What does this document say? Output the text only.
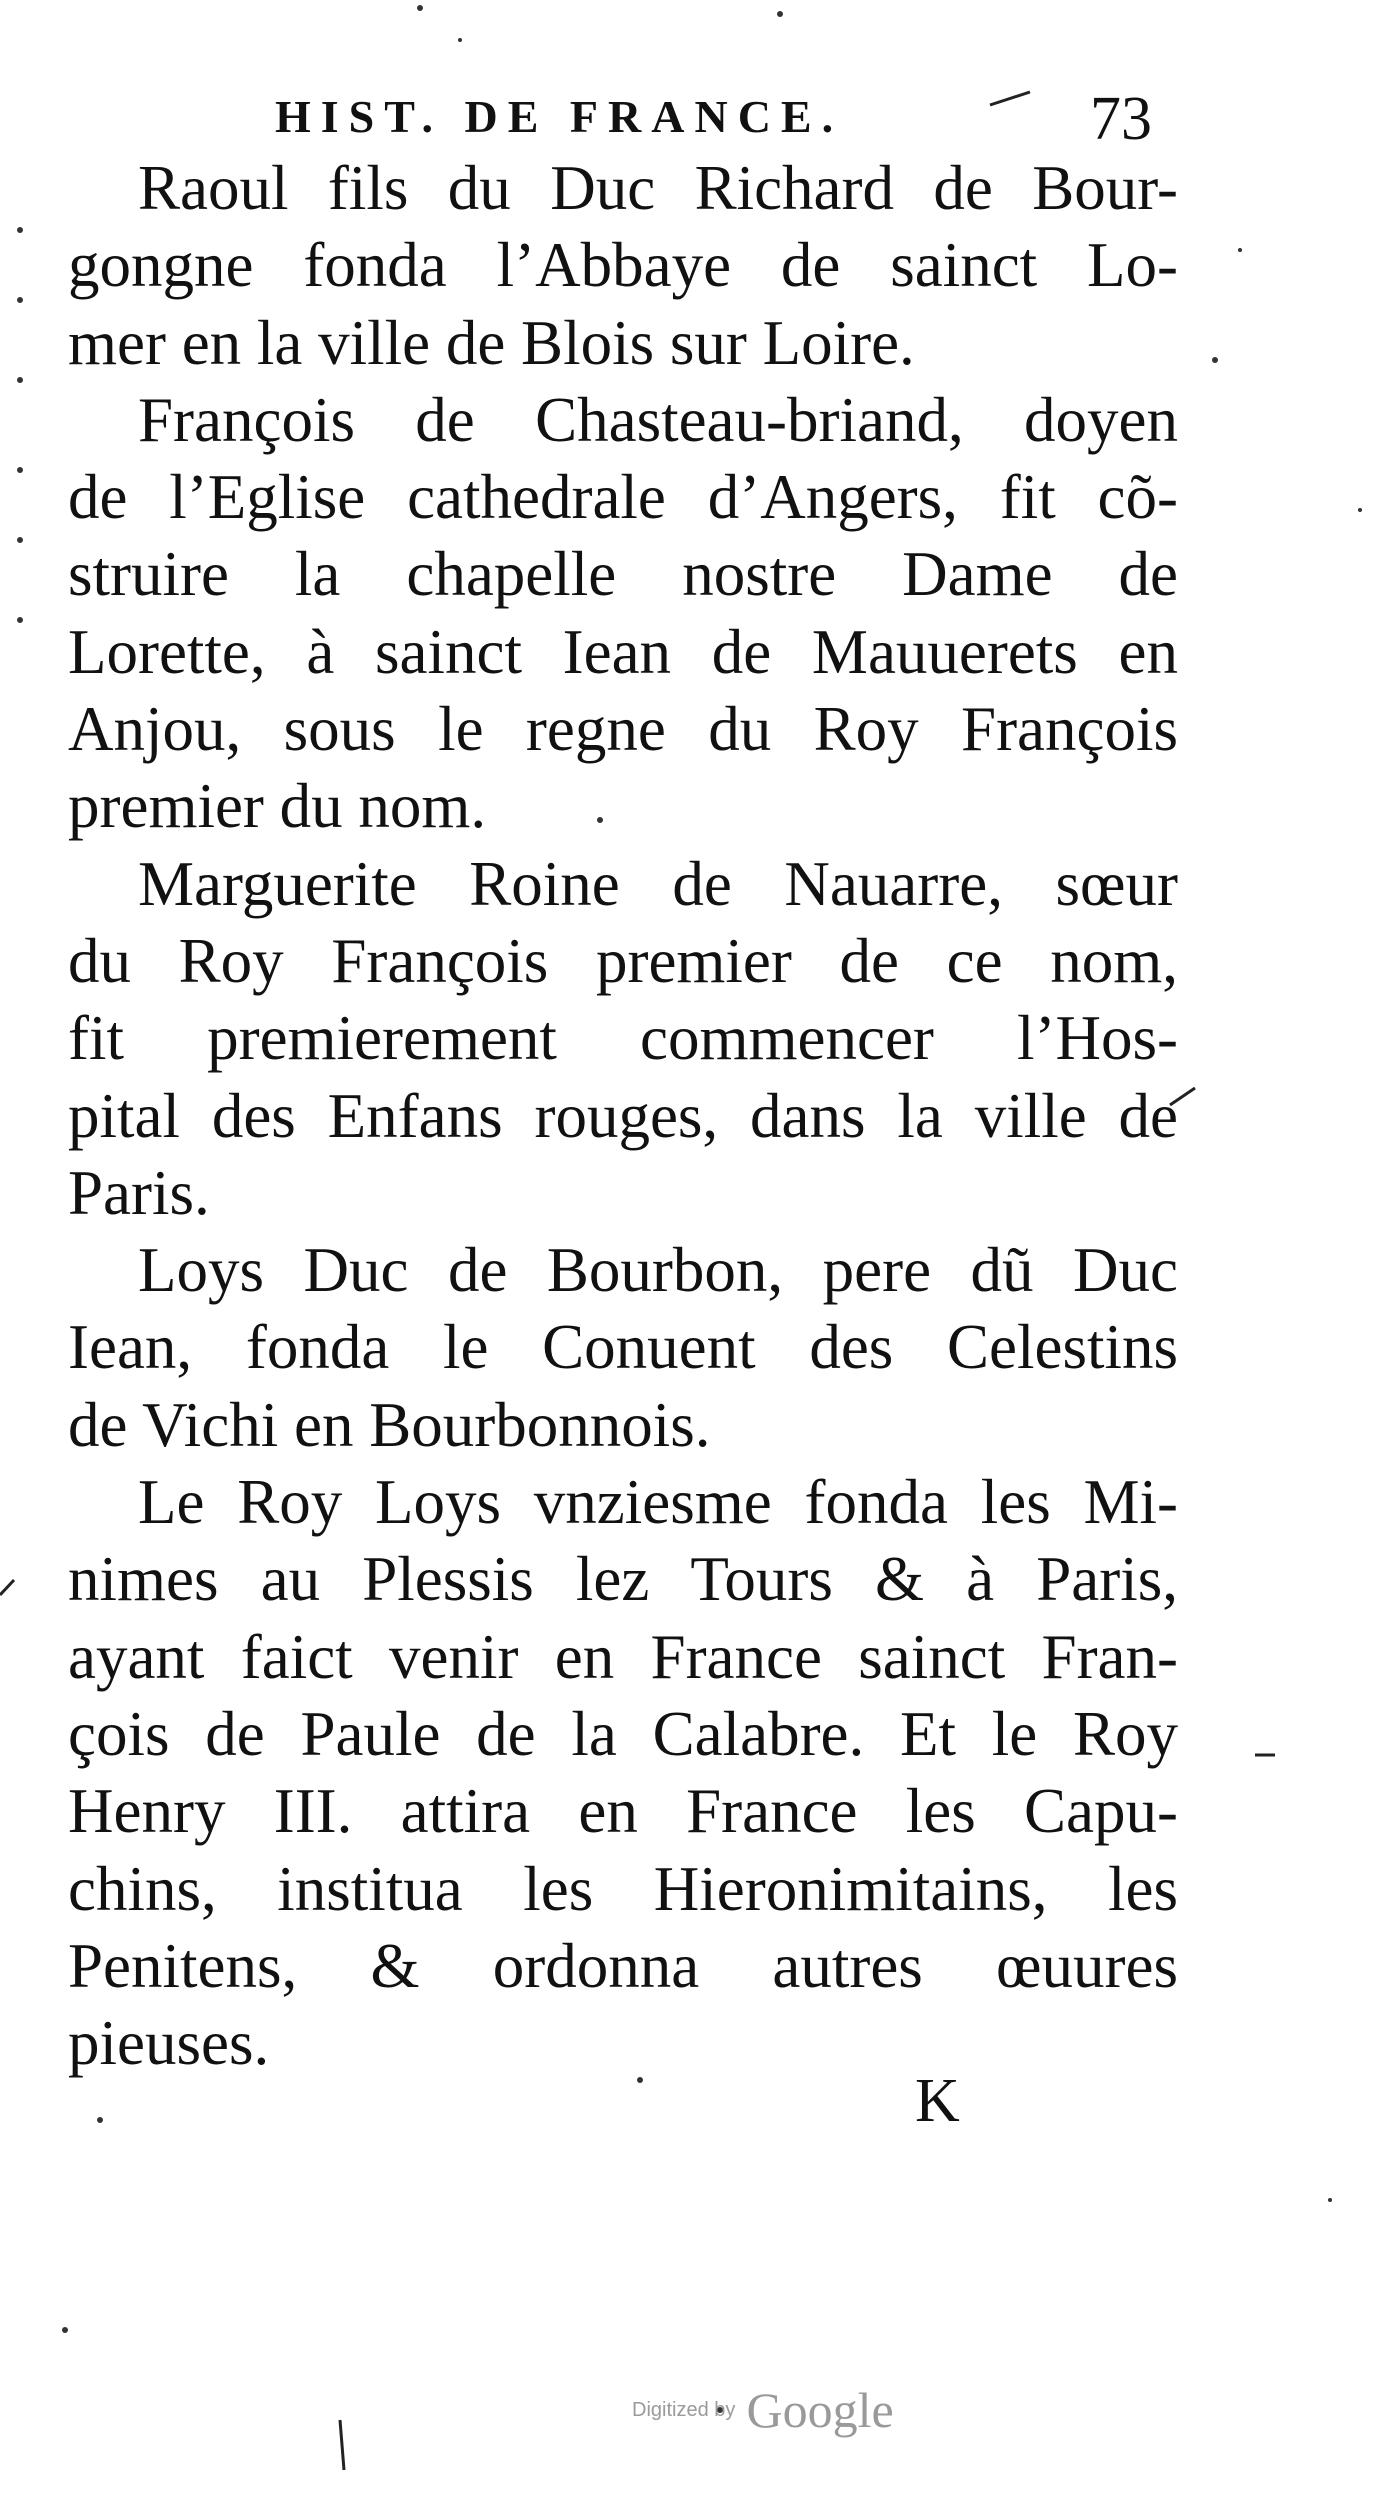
HIST. DE FRANCE.	73
Raoul fils du Duc Richard de Bour-
gongne fonda l’Abbaye de sainct Lo-
mer en la ville de Blois sur Loire.
François de Chasteau-briand, doyen
de l’Eglise cathedrale d’Angers, fit cõ-
struire la chapelle nostre Dame de
Lorette, à sainct Iean de Mauuerets en
Anjou, sous le regne du Roy François
premier du nom.
Marguerite Roine de Nauarre, sœur
du Roy François premier de ce nom,
fit premierement commencer l’Hos-
pital des Enfans rouges, dans la ville de
Paris.
Loys Duc de Bourbon, pere dũ Duc
Iean, fonda le Conuent des Celestins
de Vichi en Bourbonnois.
Le Roy Loys vnziesme fonda les Mi-
nimes au Plessis lez Tours & à Paris,
ayant faict venir en France sainct Fran-
çois de Paule de la Calabre. Et le Roy
Henry III. attira en France les Capu-
chins, institua les Hieronimitains, les
Penitens, & ordonna autres œuures
pieuses.
K
Digitized by Google
